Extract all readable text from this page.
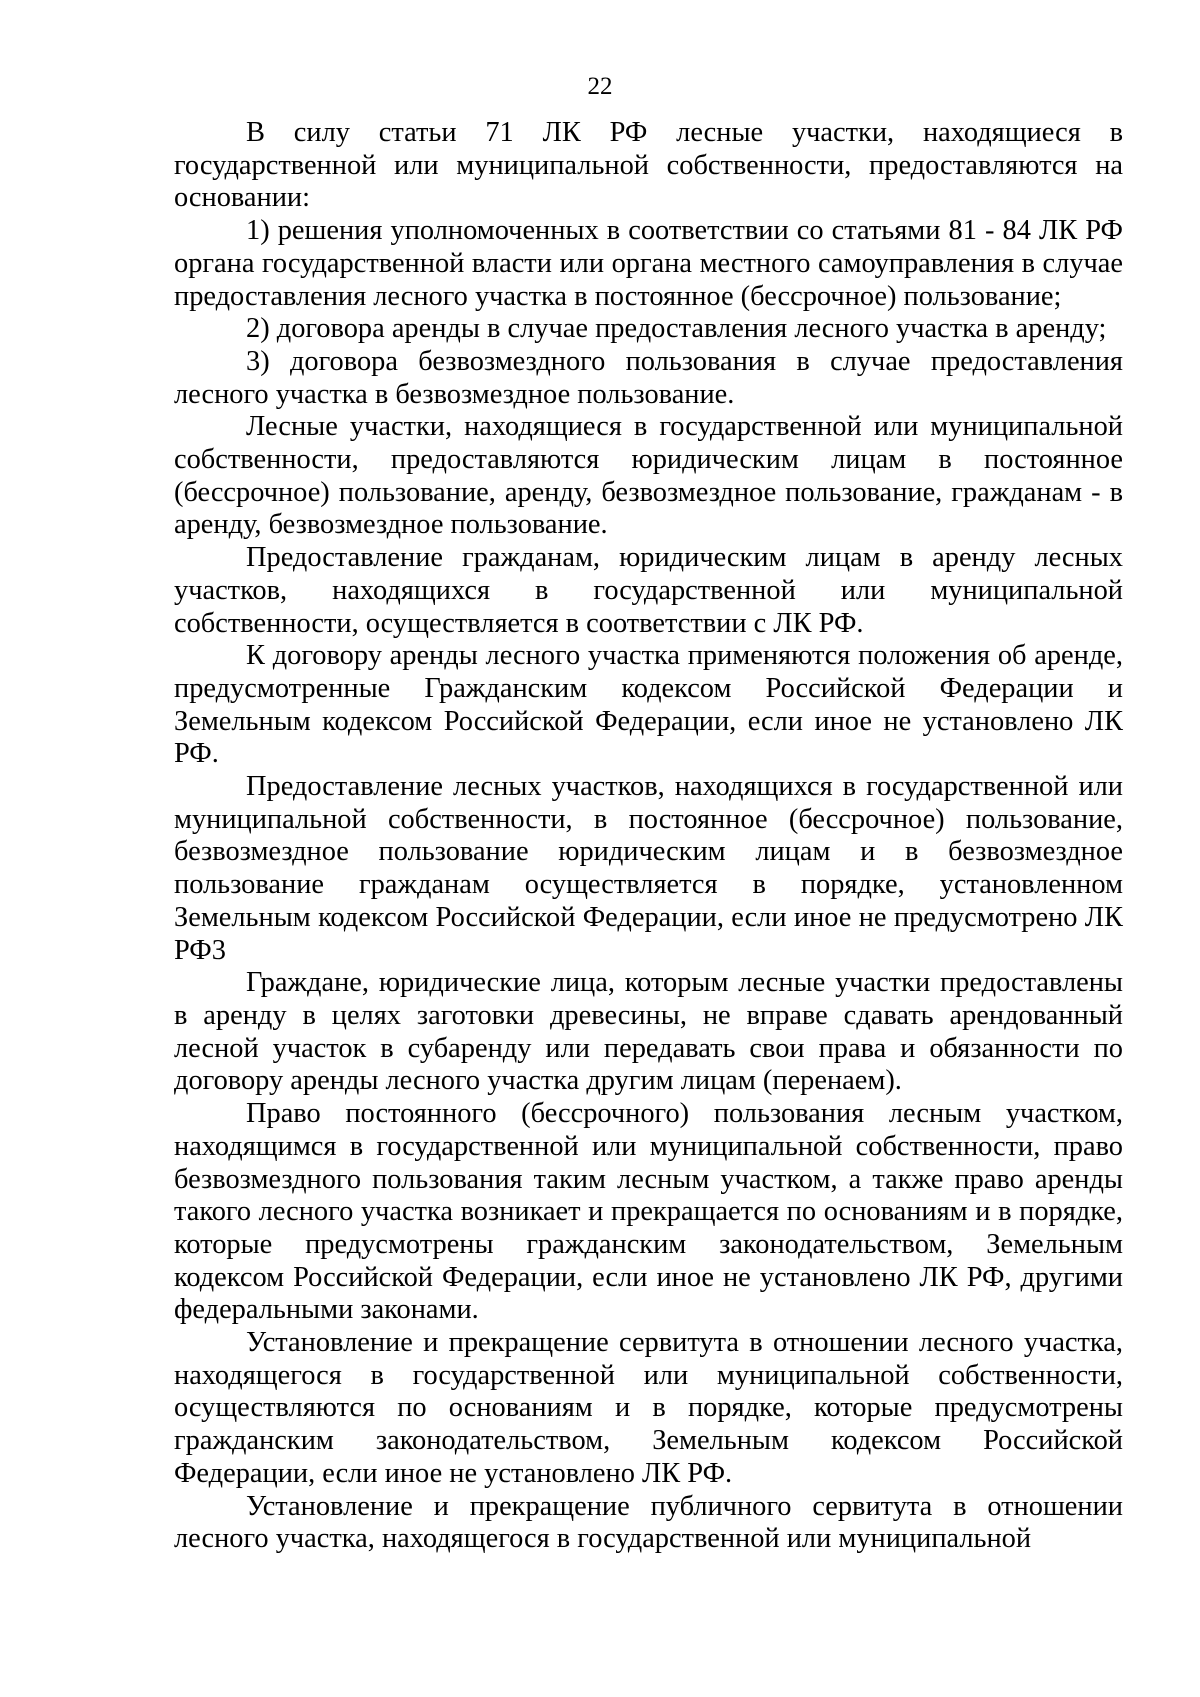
22

В силу статьи 71 ЛК РФ лесные участки, находящиеся в государственной или муниципальной собственности, предоставляются на основании:

1) решения уполномоченных в соответствии со статьями 81 - 84 ЛК РФ органа государственной власти или органа местного самоуправления в случае предоставления лесного участка в постоянное (бессрочное) пользование;

2) договора аренды в случае предоставления лесного участка в аренду;

3) договора безвозмездного пользования в случае предоставления лесного участка в безвозмездное пользование.

Лесные участки, находящиеся в государственной или муниципальной собственности, предоставляются юридическим лицам в постоянное (бессрочное) пользование, аренду, безвозмездное пользование, гражданам - в аренду, безвозмездное пользование.

Предоставление гражданам, юридическим лицам в аренду лесных участков, находящихся в государственной или муниципальной собственности, осуществляется в соответствии с ЛК РФ.

К договору аренды лесного участка применяются положения об аренде, предусмотренные Гражданским кодексом Российской Федерации и Земельным кодексом Российской Федерации, если иное не установлено ЛК РФ.

Предоставление лесных участков, находящихся в государственной или муниципальной собственности, в постоянное (бессрочное) пользование, безвозмездное пользование юридическим лицам и в безвозмездное пользование гражданам осуществляется в порядке, установленном Земельным кодексом Российской Федерации, если иное не предусмотрено ЛК РФ3

Граждане, юридические лица, которым лесные участки предоставлены в аренду в целях заготовки древесины, не вправе сдавать арендованный лесной участок в субаренду или передавать свои права и обязанности по договору аренды лесного участка другим лицам (перенаем).

Право постоянного (бессрочного) пользования лесным участком, находящимся в государственной или муниципальной собственности, право безвозмездного пользования таким лесным участком, а также право аренды такого лесного участка возникает и прекращается по основаниям и в порядке, которые предусмотрены гражданским законодательством, Земельным кодексом Российской Федерации, если иное не установлено ЛК РФ, другими федеральными законами.

Установление и прекращение сервитута в отношении лесного участка, находящегося в государственной или муниципальной собственности, осуществляются по основаниям и в порядке, которые предусмотрены гражданским законодательством, Земельным кодексом Российской Федерации, если иное не установлено ЛК РФ.

Установление и прекращение публичного сервитута в отношении лесного участка, находящегося в государственной или муниципальной
